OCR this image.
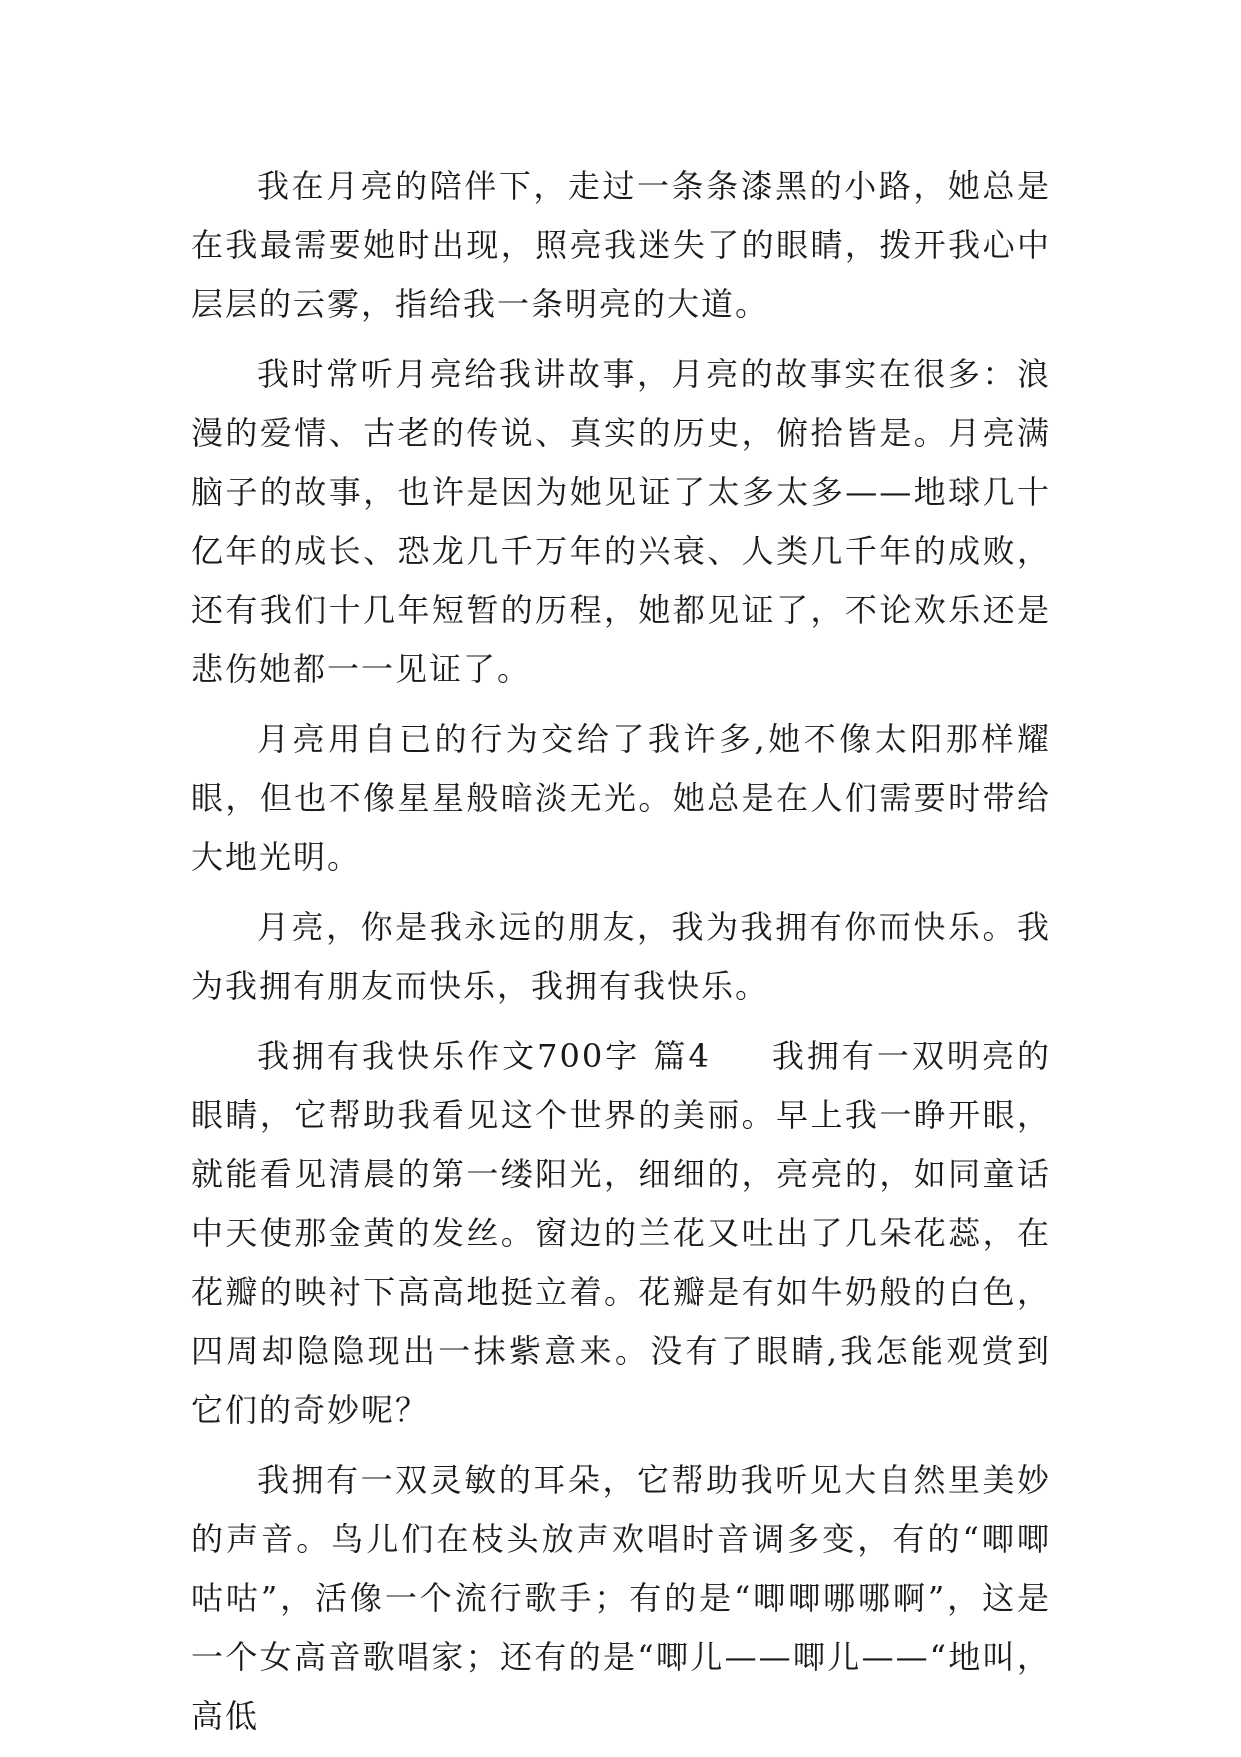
我在月亮的陪伴下，走过一条条漆黑的小路，她总是在我最需要她时出现，照亮我迷失了的眼睛，拨开我心中层层的云雾，指给我一条明亮的大道。

我时常听月亮给我讲故事，月亮的故事实在很多：浪漫的爱情、古老的传说、真实的历史，俯拾皆是。月亮满脑子的故事，也许是因为她见证了太多太多——地球几十亿年的成长、恐龙几千万年的兴衰、人类几千年的成败，还有我们十几年短暂的历程，她都见证了，不论欢乐还是悲伤她都一一见证了。

月亮用自已的行为交给了我许多,她不像太阳那样耀眼，但也不像星星般暗淡无光。她总是在人们需要时带给大地光明。

月亮，你是我永远的朋友，我为我拥有你而快乐。我为我拥有朋友而快乐，我拥有我快乐。

我拥有我快乐作文700字 篇4 我拥有一双明亮的眼睛，它帮助我看见这个世界的美丽。早上我一睁开眼，就能看见清晨的第一缕阳光，细细的，亮亮的，如同童话中天使那金黄的发丝。窗边的兰花又吐出了几朵花蕊，在花瓣的映衬下高高地挺立着。花瓣是有如牛奶般的白色，四周却隐隐现出一抹紫意来。没有了眼睛,我怎能观赏到它们的奇妙呢？

我拥有一双灵敏的耳朵，它帮助我听见大自然里美妙的声音。鸟儿们在枝头放声欢唱时音调多变，有的“唧唧咕咕”，活像一个流行歌手；有的是“唧唧哪哪啊”，这是一个女高音歌唱家；还有的是“唧儿——唧儿——“地叫，高低
